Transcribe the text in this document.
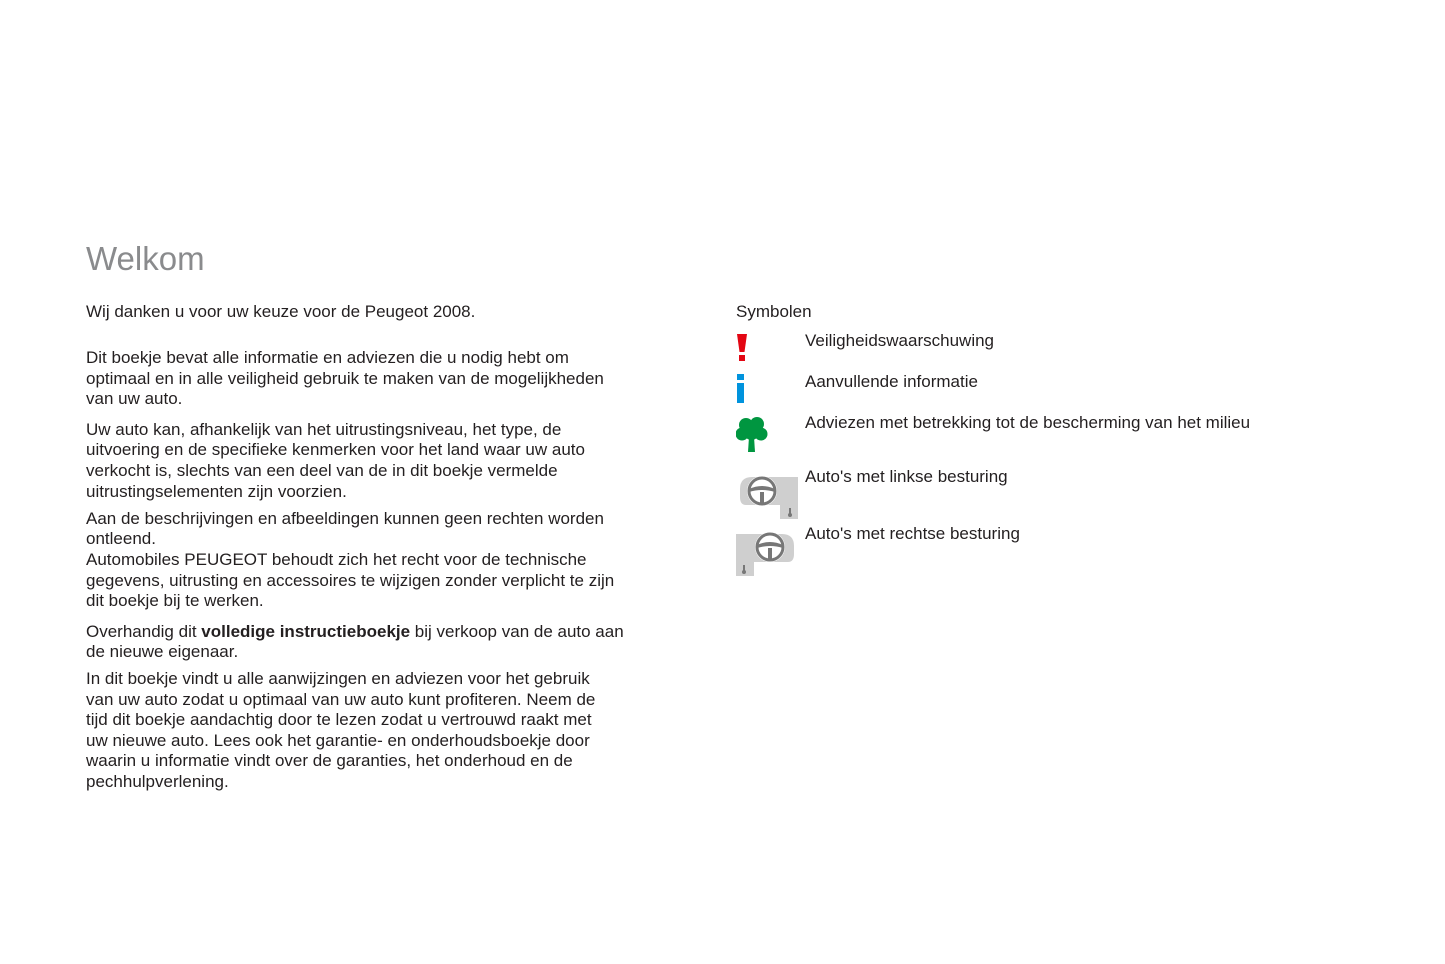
Welkom

Wij danken u voor uw keuze voor de Peugeot 2008.

Dit boekje bevat alle informatie en adviezen die u nodig hebt om
optimaal en in alle veiligheid gebruik te maken van de mogelijkheden
van uw auto.

Uw auto kan, afhankelijk van het uitrustingsniveau, het type, de
uitvoering en de specifieke kenmerken voor het land waar uw auto
verkocht is, slechts van een deel van de in dit boekje vermelde
uitrustingselementen zijn voorzien.

Aan de beschrijvingen en afbeeldingen kunnen geen rechten worden
ontleend.
Automobiles PEUGEOT behoudt zich het recht voor de technische
gegevens, uitrusting en accessoires te wijzigen zonder verplicht te zijn
dit boekje bij te werken.

Overhandig dit volledige instructieboekje bij verkoop van de auto aan
de nieuwe eigenaar.

In dit boekje vindt u alle aanwijzingen en adviezen voor het gebruik
van uw auto zodat u optimaal van uw auto kunt profiteren. Neem de
tijd dit boekje aandachtig door te lezen zodat u vertrouwd raakt met
uw nieuwe auto. Lees ook het garantie- en onderhoudsboekje door
waarin u informatie vindt over de garanties, het onderhoud en de
pechhulpverlening.

Symbolen

Veiligheidswaarschuwing
Aanvullende informatie
Adviezen met betrekking tot de bescherming van het milieu
Auto's met linkse besturing
Auto's met rechtse besturing
